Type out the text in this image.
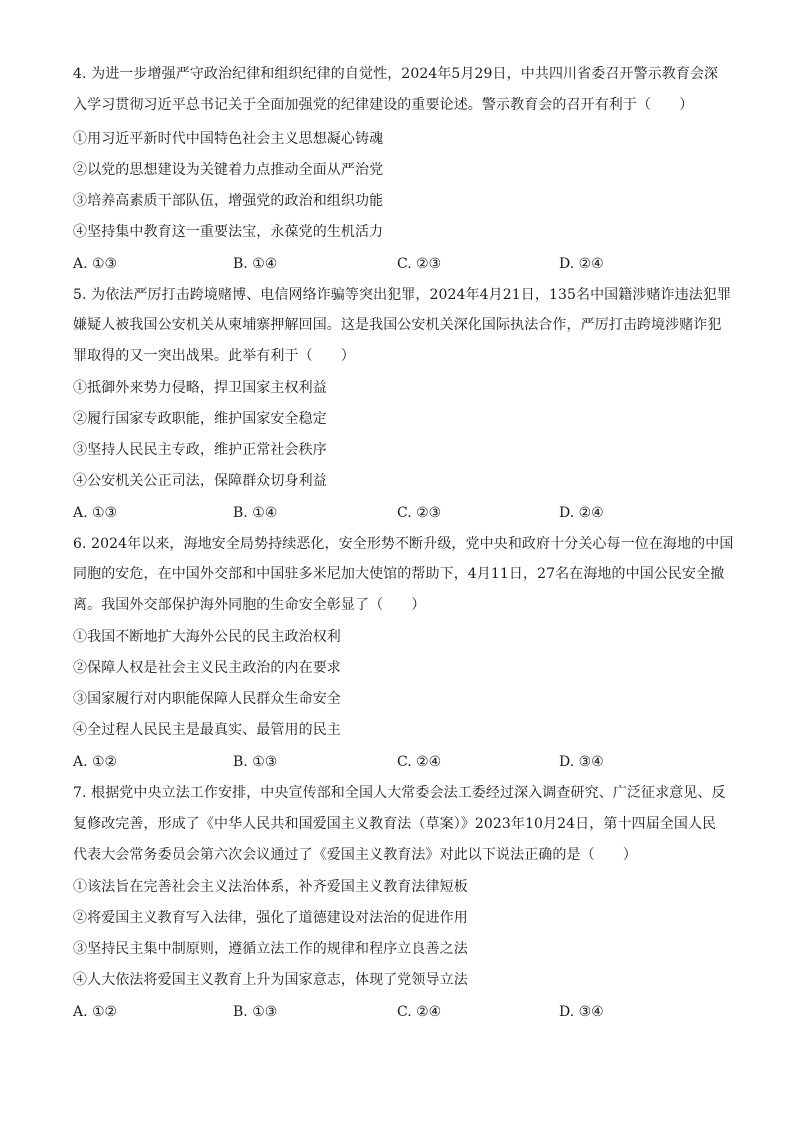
4. 为进一步增强严守政治纪律和组织纪律的自觉性，2024年5月29日，中共四川省委召开警示教育会深
入学习贯彻习近平总书记关于全面加强党的纪律建设的重要论述。警示教育会的召开有利于（　　）
①用习近平新时代中国特色社会主义思想凝心铸魂
②以党的思想建设为关键着力点推动全面从严治党
③培养高素质干部队伍，增强党的政治和组织功能
④坚持集中教育这一重要法宝，永葆党的生机活力
A. ①③	B. ①④	C. ②③	D. ②④
5. 为依法严厉打击跨境赌博、电信网络诈骗等突出犯罪，2024年4月21日，135名中国籍涉赌诈违法犯罪
嫌疑人被我国公安机关从柬埔寨押解回国。这是我国公安机关深化国际执法合作，严厉打击跨境涉赌诈犯
罪取得的又一突出战果。此举有利于（　　）
①抵御外来势力侵略，捍卫国家主权利益
②履行国家专政职能，维护国家安全稳定
③坚持人民民主专政，维护正常社会秩序
④公安机关公正司法，保障群众切身利益
A. ①③	B. ①④	C. ②③	D. ②④
6. 2024年以来，海地安全局势持续恶化，安全形势不断升级，党中央和政府十分关心每一位在海地的中国
同胞的安危，在中国外交部和中国驻多米尼加大使馆的帮助下，4月11日，27名在海地的中国公民安全撤
离。我国外交部保护海外同胞的生命安全彰显了（　　）
①我国不断地扩大海外公民的民主政治权利
②保障人权是社会主义民主政治的内在要求
③国家履行对内职能保障人民群众生命安全
④全过程人民民主是最真实、最管用的民主
A. ①②	B. ①③	C. ②④	D. ③④
7. 根据党中央立法工作安排，中央宣传部和全国人大常委会法工委经过深入调查研究、广泛征求意见、反
复修改完善，形成了《中华人民共和国爱国主义教育法（草案）》2023年10月24日，第十四届全国人民
代表大会常务委员会第六次会议通过了《爱国主义教育法》对此以下说法正确的是（　　）
①该法旨在完善社会主义法治体系，补齐爱国主义教育法律短板
②将爱国主义教育写入法律，强化了道德建设对法治的促进作用
③坚持民主集中制原则，遵循立法工作的规律和程序立良善之法
④人大依法将爱国主义教育上升为国家意志，体现了党领导立法
A. ①②	B. ①③	C. ②④	D. ③④
